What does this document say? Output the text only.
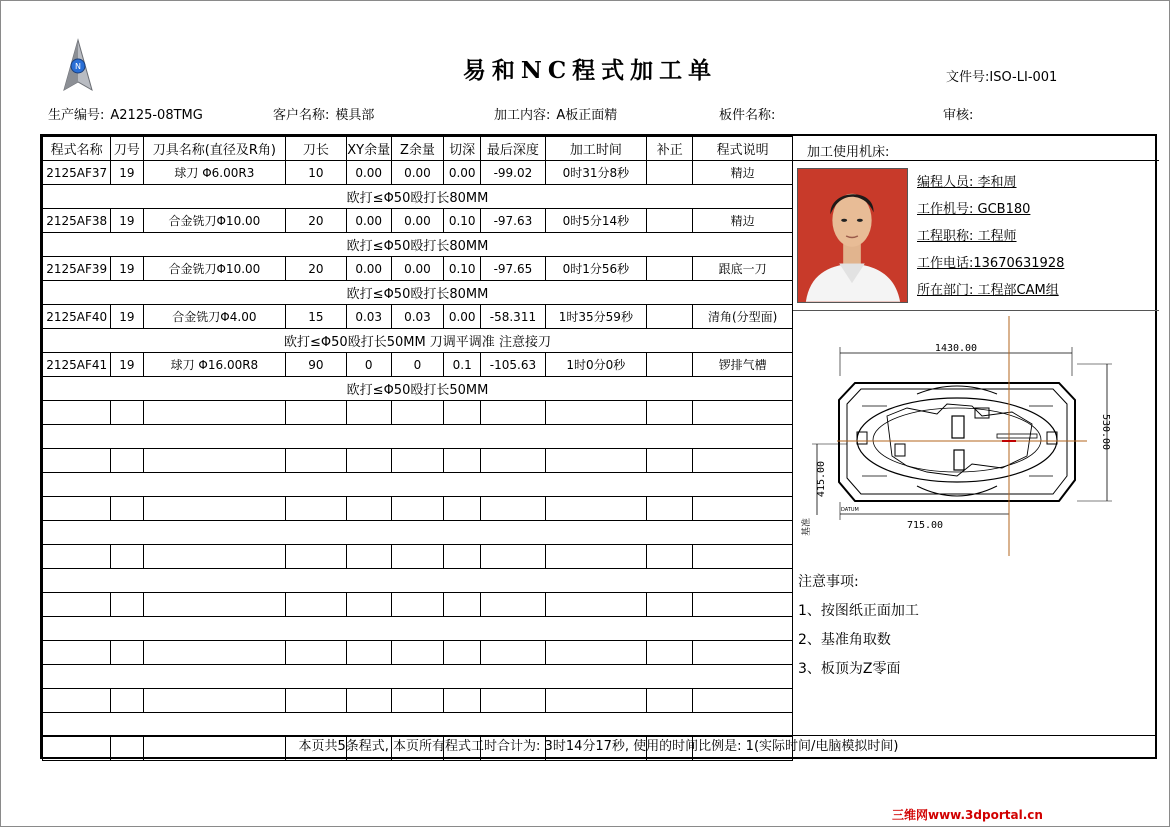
N	易和NC程式加工单	文件号:ISO-LI-001
生产编号: A2125-08TMG	客户名称: 模具部	加工内容: A板正面精	板件名称:	审核:
程式名称	刀号	刀具名称(直径及R角)	刀长	XY余量	Z余量	切深	最后深度	加工时间	补正	程式说明
2125AF37	19	球刀 Φ6.00R3	10	0.00	0.00	0.00	-99.02	0时31分8秒		精边
欧打≤Φ50殴打长80MM										
2125AF38	19	合金铣刀Φ10.00	20	0.00	0.00	0.10	-97.63	0时5分14秒		精边
欧打≤Φ50殴打长80MM										
2125AF39	19	合金铣刀Φ10.00	20	0.00	0.00	0.10	-97.65	0时1分56秒		跟底一刀
欧打≤Φ50殴打长80MM										
2125AF40	19	合金铣刀Φ4.00	15	0.03	0.03	0.00	-58.311	1时35分59秒		清角(分型面)
欧打≤Φ50殴打长50MM 刀调平调准 注意接刀										
2125AF41	19	球刀 Φ16.00R8	90	0	0	0.1	-105.63	1时0分0秒		锣排气槽
欧打≤Φ50殴打长50MM										

加工使用机床:
编程人员: 李和周
工作机号: GCB180
工程职称: 工程师
工作电话:13670631928
所在部门: 工程部CAM组
1430.00
530.00
415.00
715.00
基准
DATUM
注意事项:
1、按图纸正面加工
2、基准角取数
3、板顶为Z零面
本页共5条程式, 本页所有程式工时合计为: 3时14分17秒, 使用的时间比例是: 1(实际时间/电脑模拟时间)
三维网www.3dportal.cn
